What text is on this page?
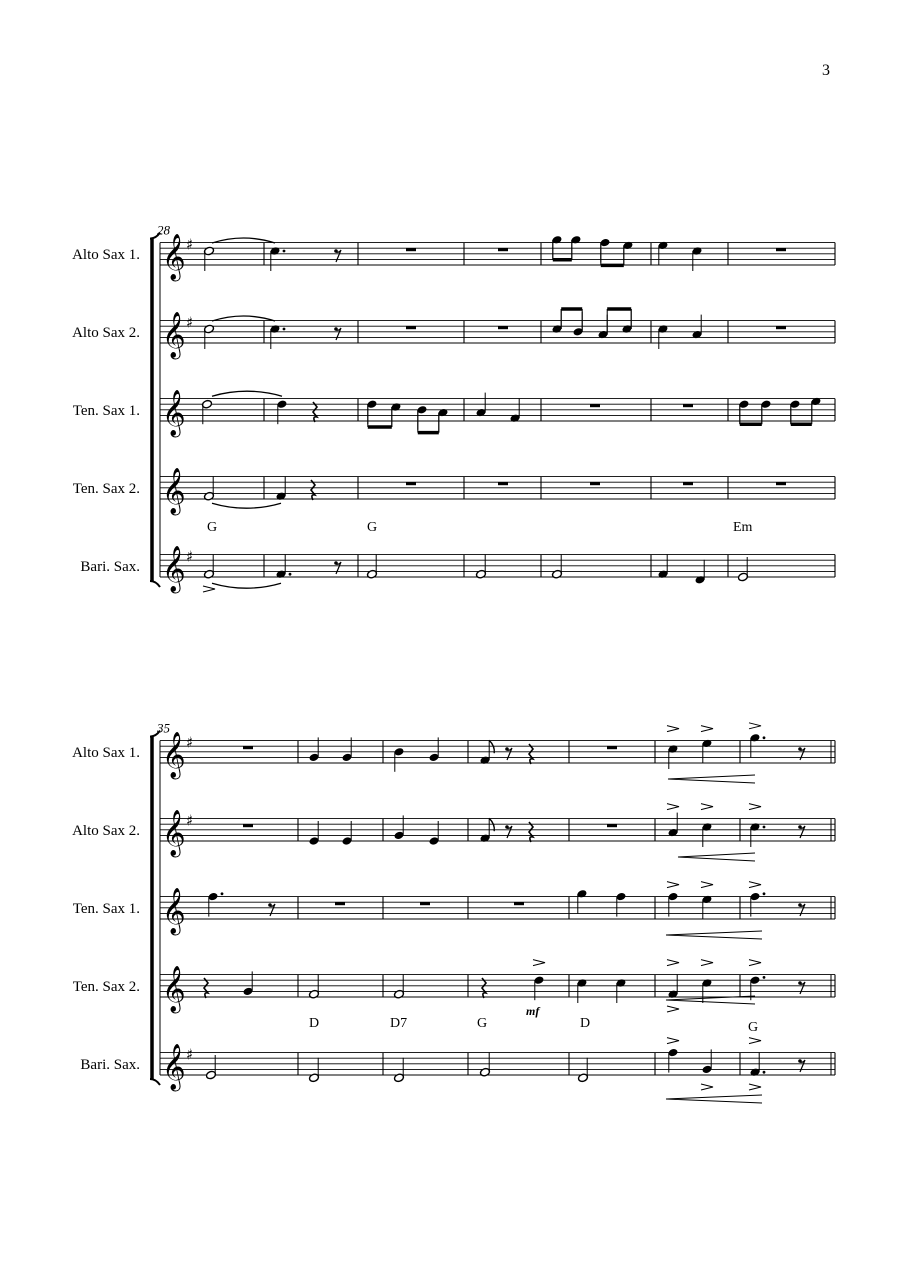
3
28
𝄞 ♯
Alto Sax 1.
𝄞 ♯
Alto Sax 2.
𝄞
Ten. Sax 1.
𝄞
Ten. Sax 2.
𝄞 ♯
Bari. Sax.
G	G	Em
35
𝄞 ♯
Alto Sax 1.
𝄞 ♯
Alto Sax 2.
𝄞
Ten. Sax 1.
𝄞
Ten. Sax 2.
𝄞 ♯
Bari. Sax.
mf
D	D7	G	D	G
